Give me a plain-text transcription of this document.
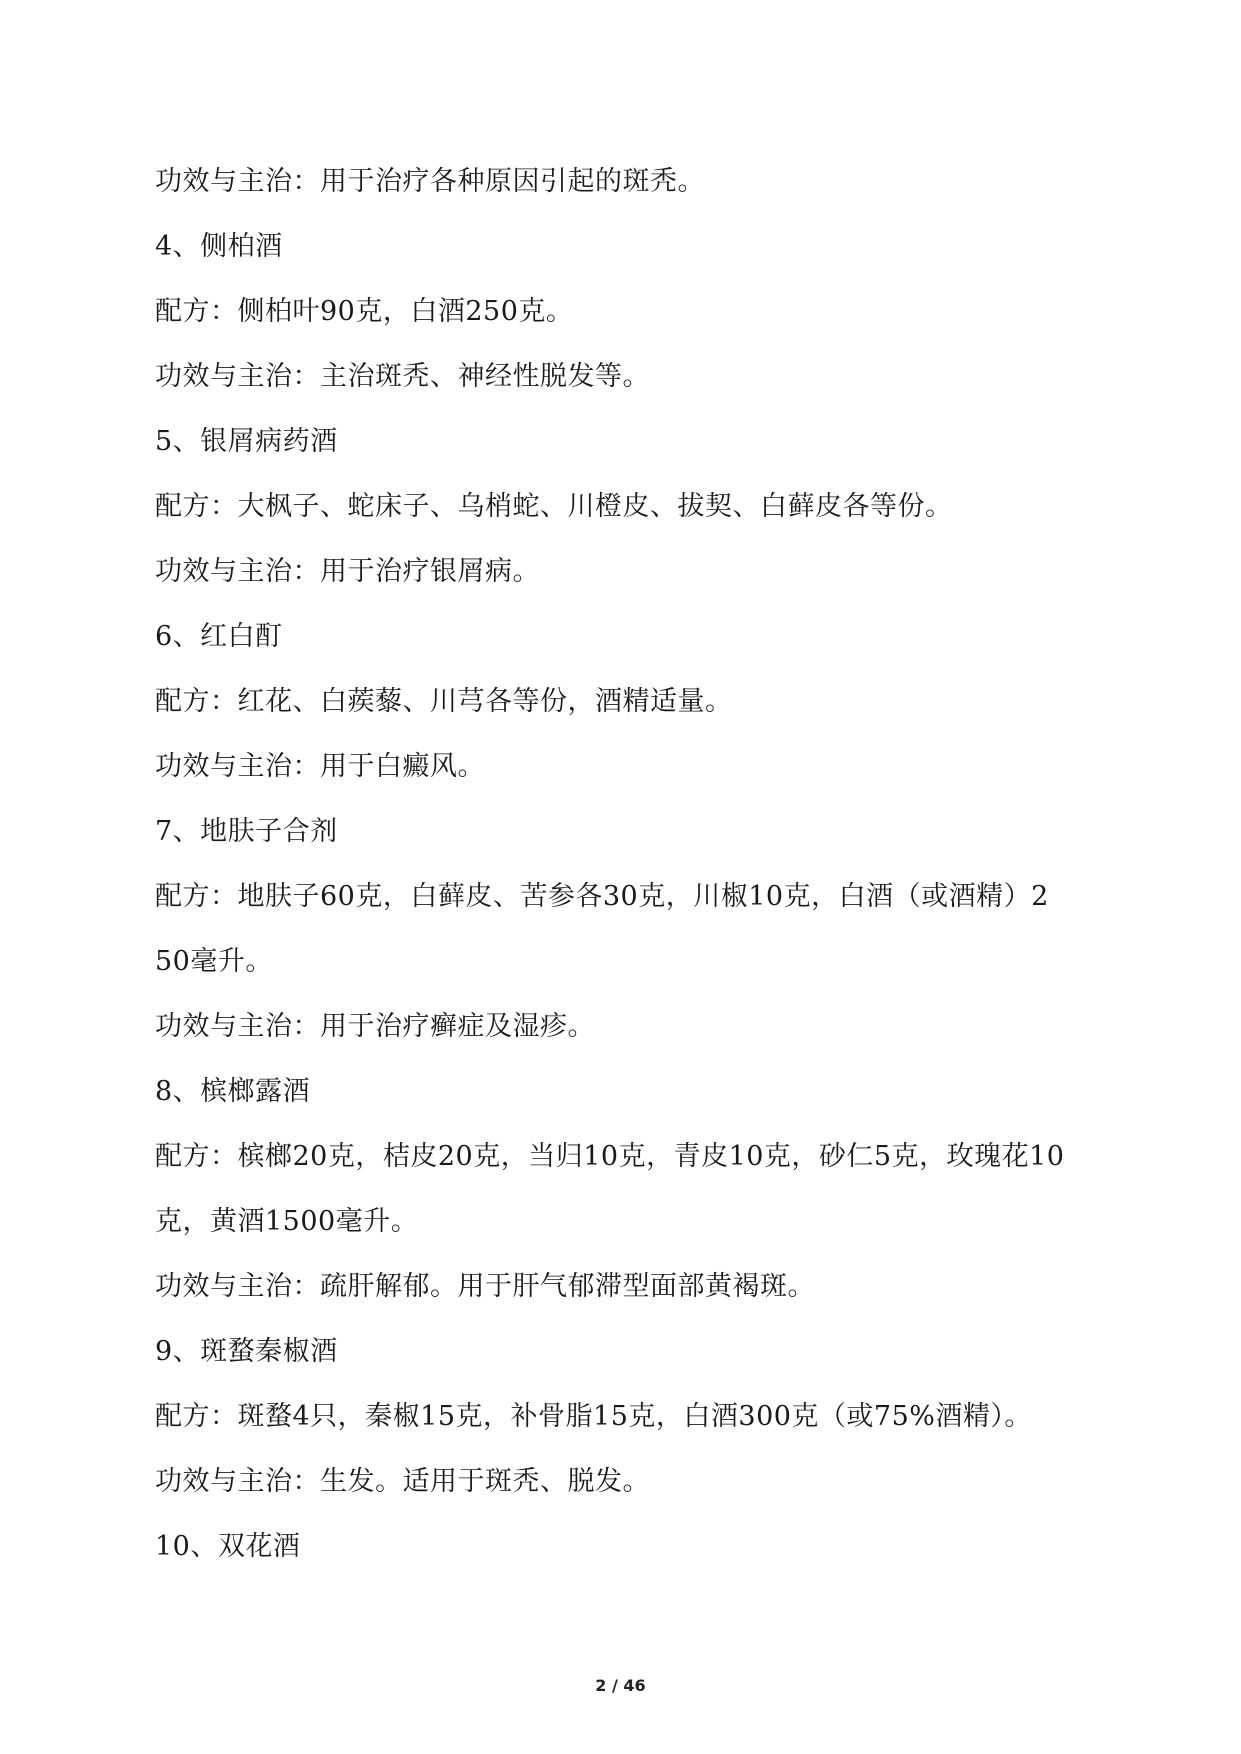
功效与主治：用于治疗各种原因引起的斑秃。

4、侧柏酒

配方：侧柏叶90克，白酒250克。

功效与主治：主治斑秃、神经性脱发等。

5、银屑病药酒

配方：大枫子、蛇床子、乌梢蛇、川橙皮、拔契、白藓皮各等份。

功效与主治：用于治疗银屑病。

6、红白酊

配方：红花、白蒺藜、川芎各等份，酒精适量。

功效与主治：用于白癜风。

7、地肤子合剂

配方：地肤子60克，白藓皮、苦参各30克，川椒10克，白酒（或酒精）2

50毫升。

功效与主治：用于治疗癣症及湿疹。

8、槟榔露酒

配方：槟榔20克，桔皮20克，当归10克，青皮10克，砂仁5克，玫瑰花10

克，黄酒1500毫升。

功效与主治：疏肝解郁。用于肝气郁滞型面部黄褐斑。

9、斑蝥秦椒酒

配方：斑蝥4只，秦椒15克，补骨脂15克，白酒300克（或75%酒精）。

功效与主治：生发。适用于斑秃、脱发。

10、双花酒

2 / 46
